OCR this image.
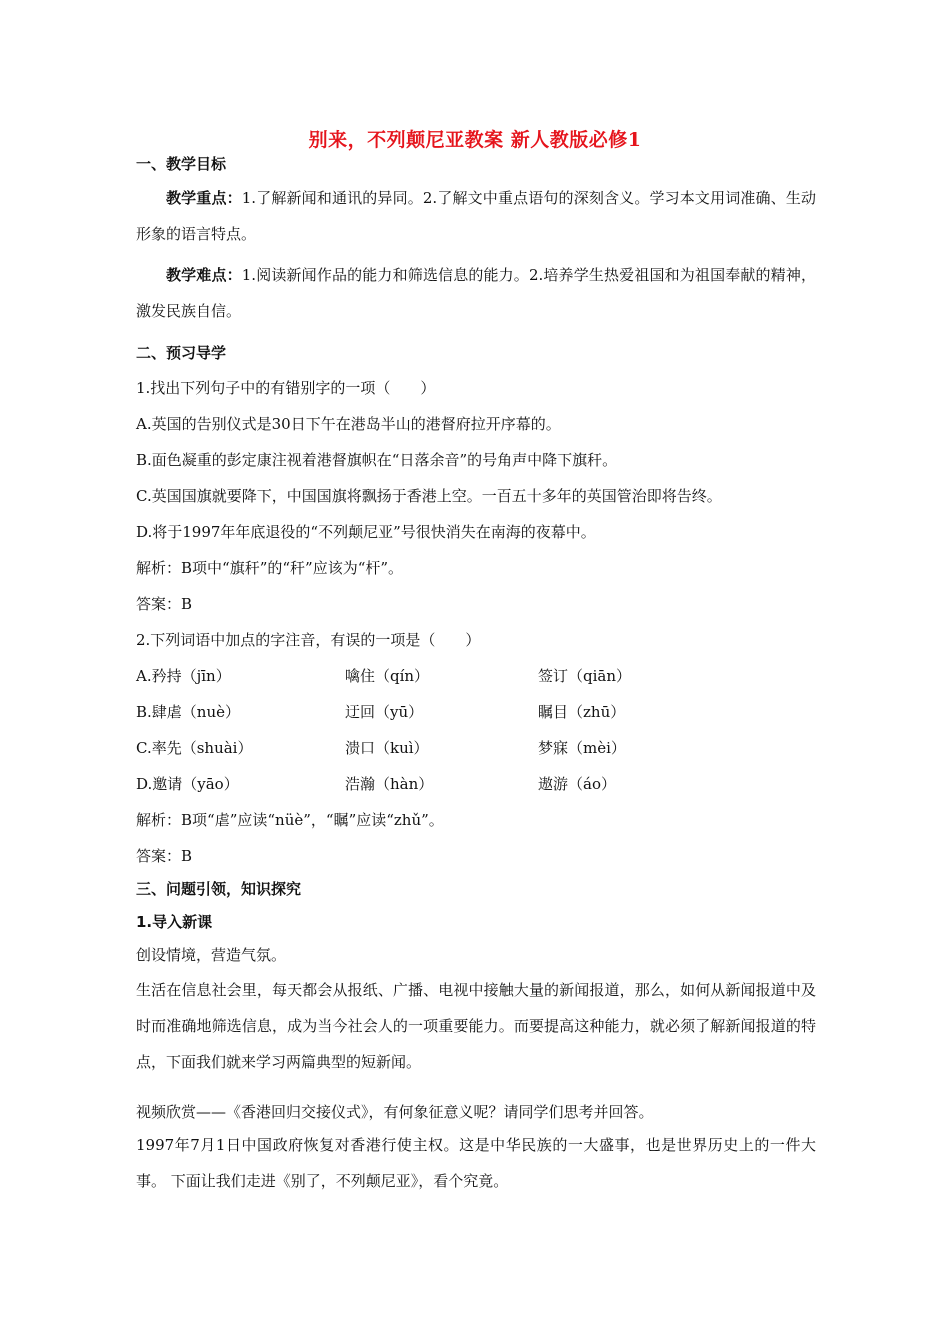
别来，不列颠尼亚教案 新人教版必修1
一、教学目标
教学重点：1.了解新闻和通讯的异同。2.了解文中重点语句的深刻含义。学习本文用词准确、生动形象的语言特点。
教学难点：1.阅读新闻作品的能力和筛选信息的能力。2.培养学生热爱祖国和为祖国奉献的精神，激发民族自信。
二、预习导学
1.找出下列句子中的有错别字的一项（　　）
A.英国的告别仪式是30日下午在港岛半山的港督府拉开序幕的。
B.面色凝重的彭定康注视着港督旗帜在“日落余音”的号角声中降下旗秆。
C.英国国旗就要降下，中国国旗将飘扬于香港上空。一百五十多年的英国管治即将告终。
D.将于1997年年底退役的“不列颠尼亚”号很快消失在南海的夜幕中。
解析：B项中“旗秆”的“秆”应该为“杆”。
答案：B
2.下列词语中加点的字注音，有误的一项是（　　）
A.矜持（jīn）	噙住（qín）	签订（qiān）
B.肆虐（nuè）	迂回（yū）	瞩目（zhū）
C.率先（shuài）	溃口（kuì）	梦寐（mèi）
D.邀请（yāo）	浩瀚（hàn）	遨游（áo）
解析：B项“虐”应读“nüè”，“瞩”应读“zhǔ”。
答案：B
三、问题引领，知识探究
1.导入新课
创设情境，营造气氛。
生活在信息社会里，每天都会从报纸、广播、电视中接触大量的新闻报道，那么，如何从新闻报道中及时而准确地筛选信息，成为当今社会人的一项重要能力。而要提高这种能力，就必须了解新闻报道的特点，下面我们就来学习两篇典型的短新闻。
视频欣赏——《香港回归交接仪式》，有何象征意义呢？请同学们思考并回答。
1997年7月1日中国政府恢复对香港行使主权。这是中华民族的一大盛事，也是世界历史上的一件大事。 下面让我们走进《别了，不列颠尼亚》，看个究竟。
